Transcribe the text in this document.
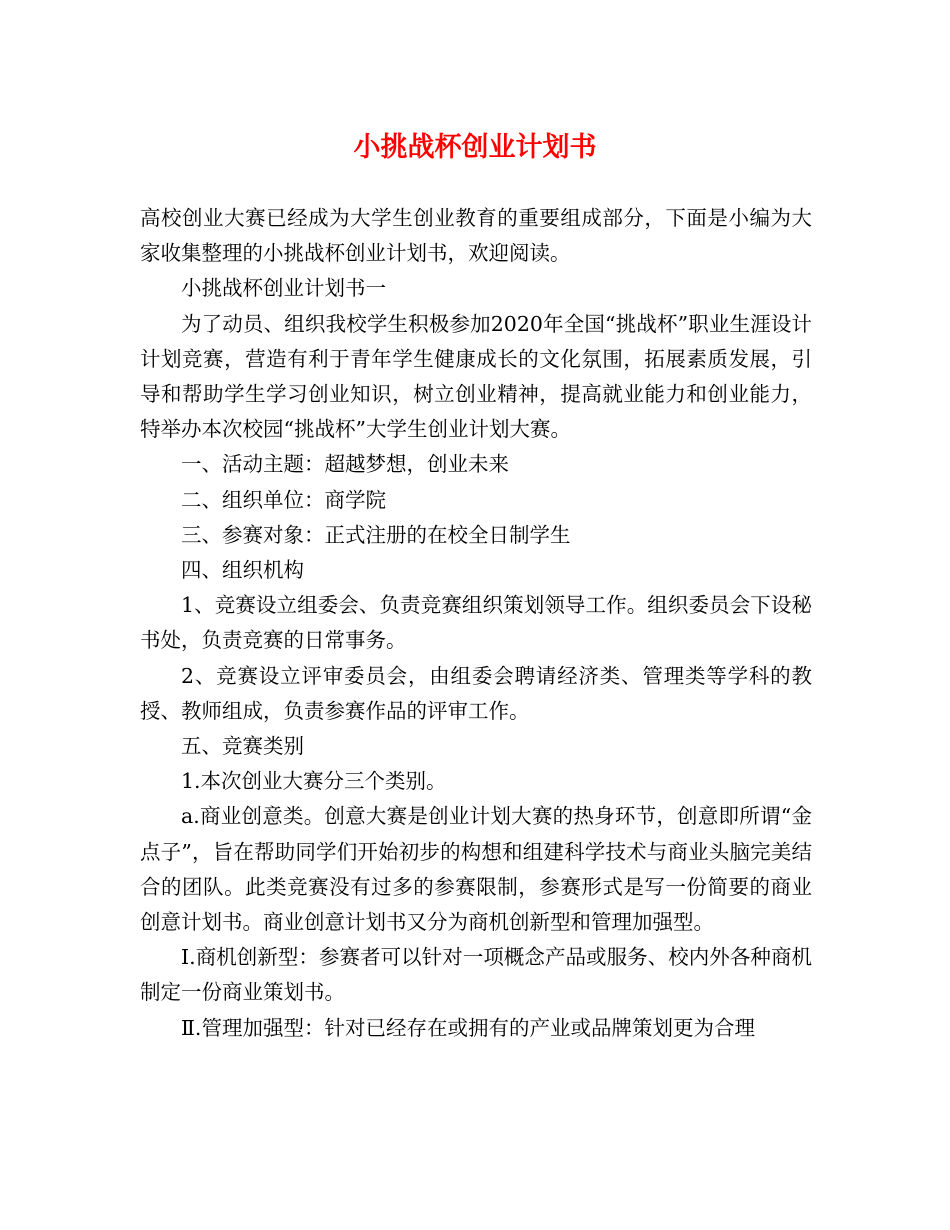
小挑战杯创业计划书

高校创业大赛已经成为大学生创业教育的重要组成部分，下面是小编为大家收集整理的小挑战杯创业计划书，欢迎阅读。

小挑战杯创业计划书一

为了动员、组织我校学生积极参加2020年全国“挑战杯”职业生涯设计计划竞赛，营造有利于青年学生健康成长的文化氛围，拓展素质发展，引导和帮助学生学习创业知识，树立创业精神，提高就业能力和创业能力，特举办本次校园“挑战杯”大学生创业计划大赛。

一、活动主题：超越梦想，创业未来

二、组织单位：商学院

三、参赛对象：正式注册的在校全日制学生

四、组织机构

1、竞赛设立组委会、负责竞赛组织策划领导工作。组织委员会下设秘书处，负责竞赛的日常事务。

2、竞赛设立评审委员会，由组委会聘请经济类、管理类等学科的教授、教师组成，负责参赛作品的评审工作。

五、竞赛类别

1.本次创业大赛分三个类别。

a.商业创意类。创意大赛是创业计划大赛的热身环节，创意即所谓“金点子”，旨在帮助同学们开始初步的构想和组建科学技术与商业头脑完美结合的团队。此类竞赛没有过多的参赛限制，参赛形式是写一份简要的商业创意计划书。商业创意计划书又分为商机创新型和管理加强型。

Ⅰ.商机创新型：参赛者可以针对一项概念产品或服务、校内外各种商机制定一份商业策划书。

Ⅱ.管理加强型：针对已经存在或拥有的产业或品牌策划更为合理
